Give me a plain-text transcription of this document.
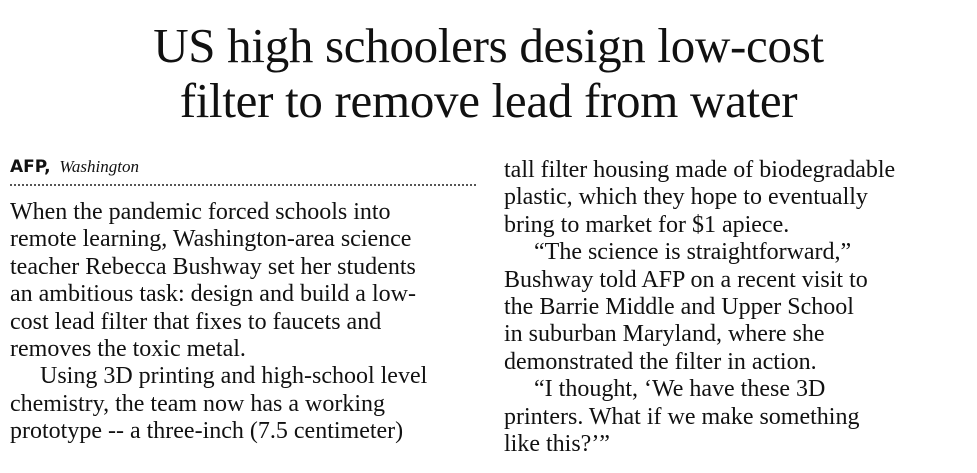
US high schoolers design low-cost
filter to remove lead from water
AFP, Washington
When the pandemic forced schools into
remote learning, Washington-area science
teacher Rebecca Bushway set her students
an ambitious task: design and build a low-
cost lead filter that fixes to faucets and
removes the toxic metal.
Using 3D printing and high-school level
chemistry, the team now has a working
prototype -- a three-inch (7.5 centimeter)
tall filter housing made of biodegradable
plastic, which they hope to eventually
bring to market for $1 apiece.
“The science is straightforward,”
Bushway told AFP on a recent visit to
the Barrie Middle and Upper School
in suburban Maryland, where she
demonstrated the filter in action.
“I thought, ‘We have these 3D
printers. What if we make something
like this?’”
